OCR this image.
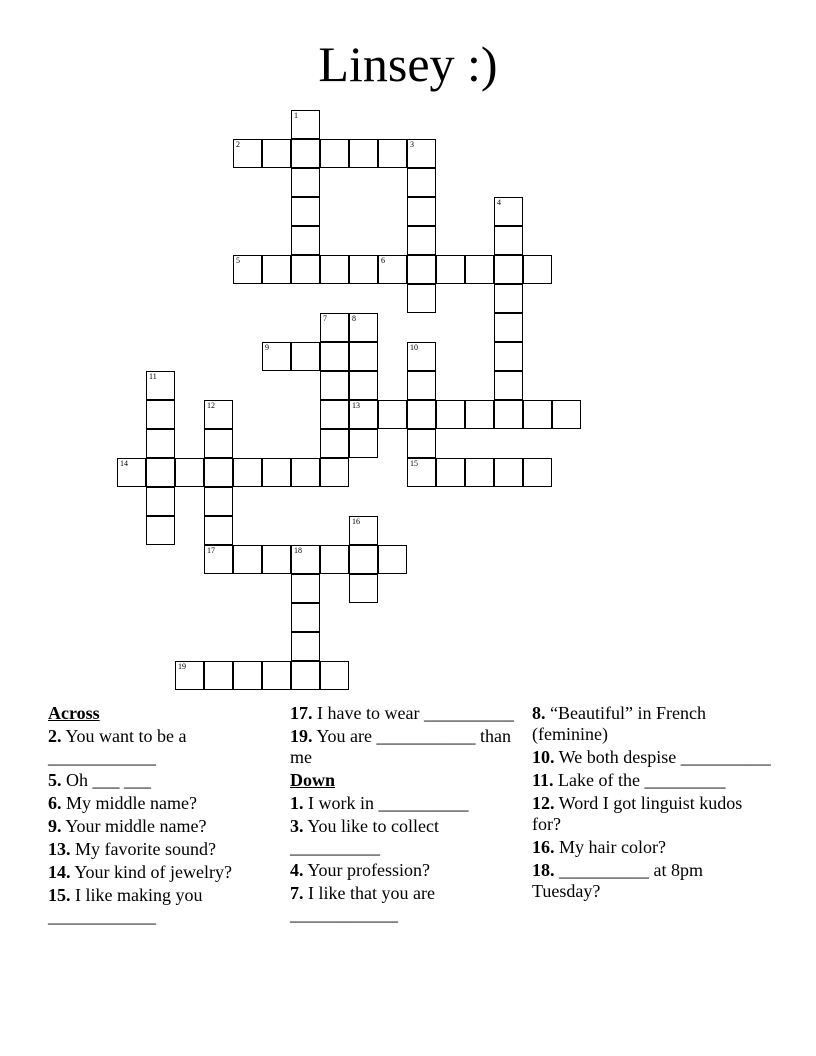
Linsey :)
1
2	3
4
5	6
7	8
9	10
11
12	13
14	15
16
17	18
19
Across
2. You want to be a ____________
5. Oh ___ ___
6. My middle name?
9. Your middle name?
13. My favorite sound?
14. Your kind of jewelry?
15. I like making you ____________
17. I have to wear __________
19. You are ___________ than me
Down
1. I work in __________
3. You like to collect __________
4. Your profession?
7. I like that you are ____________
8. “Beautiful” in French (feminine)
10. We both despise __________
11. Lake of the _________
12. Word I got linguist kudos for?
16. My hair color?
18. __________ at 8pm Tuesday?
